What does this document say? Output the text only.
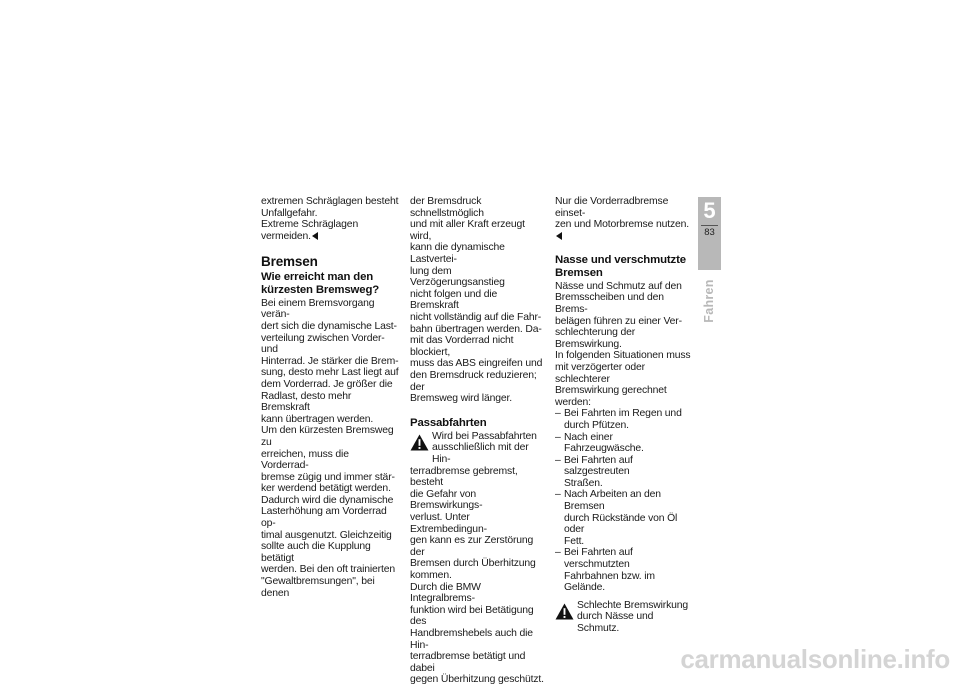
extremen Schräglagen besteht

Unfallgefahr.

Extreme Schräglagen

vermeiden.

Bremsen
Wie erreicht man den kürzesten Bremsweg?

Bei einem Bremsvorgang verän-

dert sich die dynamische Last-

verteilung zwischen Vorder- und

Hinterrad. Je stärker die Brem-

sung, desto mehr Last liegt auf

dem Vorderrad. Je größer die

Radlast, desto mehr Bremskraft

kann übertragen werden.

Um den kürzesten Bremsweg zu

erreichen, muss die Vorderrad-

bremse zügig und immer stär-

ker werdend betätigt werden.

Dadurch wird die dynamische

Lasterhöhung am Vorderrad op-

timal ausgenutzt. Gleichzeitig

sollte auch die Kupplung betätigt

werden. Bei den oft trainierten

"Gewaltbremsungen", bei denen

der Bremsdruck schnellstmöglich

und mit aller Kraft erzeugt wird,

kann die dynamische Lastvertei-

lung dem Verzögerungsanstieg

nicht folgen und die Bremskraft

nicht vollständig auf die Fahr-

bahn übertragen werden. Da-

mit das Vorderrad nicht blockiert,

muss das ABS eingreifen und

den Bremsdruck reduzieren; der

Bremsweg wird länger.

Passabfahrten

Wird bei Passabfahrten

ausschließlich mit der Hin-

terradbremse gebremst, besteht

die Gefahr von Bremswirkungs-

verlust. Unter Extrembedingun-

gen kann es zur Zerstörung der

Bremsen durch Überhitzung

kommen.

Durch die BMW Integralbrems-

funktion wird bei Betätigung des

Handbremshebels auch die Hin-

terradbremse betätigt und dabei

gegen Überhitzung geschützt.

Nur die Vorderradbremse einset-

zen und Motorbremse nutzen.

Nasse und verschmutzte Bremsen

Nässe und Schmutz auf den

Bremsscheiben und den Brems-

belägen führen zu einer Ver-

schlechterung der Bremswirkung.

In folgenden Situationen muss

mit verzögerter oder schlechterer

Bremswirkung gerechnet werden:

– Bei Fahrten im Regen und
durch Pfützen.
– Nach einer Fahrzeugwäsche.
– Bei Fahrten auf salzgestreuten
Straßen.
– Nach Arbeiten an den Bremsen
durch Rückstände von Öl oder
Fett.
– Bei Fahrten auf verschmutzten
Fahrbahnen bzw. im Gelände.

Schlechte Bremswirkung

durch Nässe und Schmutz.

5
83
Fahren
carmanualsonline.info
